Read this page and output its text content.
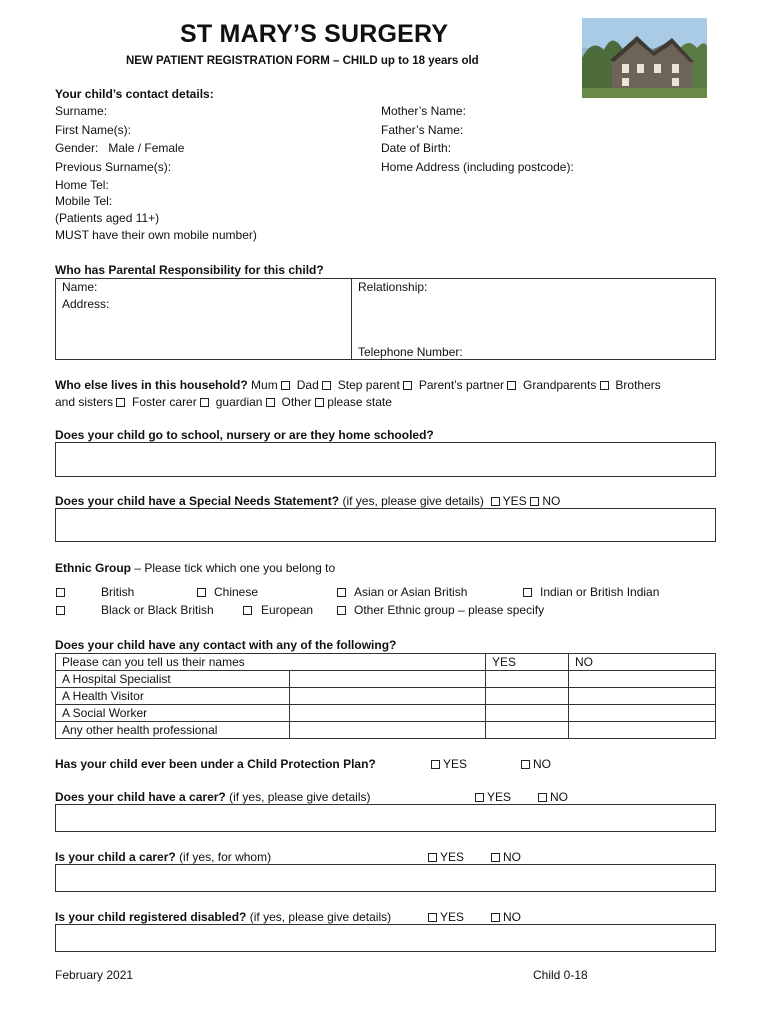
ST MARY’S SURGERY
NEW PATIENT REGISTRATION FORM – CHILD up to 18 years old
Your child’s contact details:
Surname:
First Name(s):
Gender:   Male / Female
Previous Surname(s):
Home Tel:
Mobile Tel:
(Patients aged 11+)
MUST have their own mobile number)
Mother’s Name:
Father’s Name:
Date of Birth:
Home Address (including postcode):
Who has Parental Responsibility for this child?
Name:
Address:
Relationship:
Telephone Number:
Who else lives in this household? Mum Dad Step parent Parent’s partner Grandparents Brothers
and sisters Foster carer guardian Other please state
Does your child go to school, nursery or are they home schooled?
Does your child have a Special Needs Statement? (if yes, please give details) YES NO
Ethnic Group – Please tick which one you belong to
British	Chinese	Asian or Asian British	Indian or British Indian
Black or Black British	European	Other Ethnic group – please specify
Does your child have any contact with any of the following?
Please can you tell us their names		YES	NO
A Hospital Specialist			
A Health Visitor			
A Social Worker			
Any other health professional			
Has your child ever been under a Child Protection Plan?	YES	NO
Does your child have a carer? (if yes, please give details)	YES	NO
Is your child a carer? (if yes, for whom)	YES	NO
Is your child registered disabled? (if yes, please give details)	YES	NO
February 2021	Child 0-18
